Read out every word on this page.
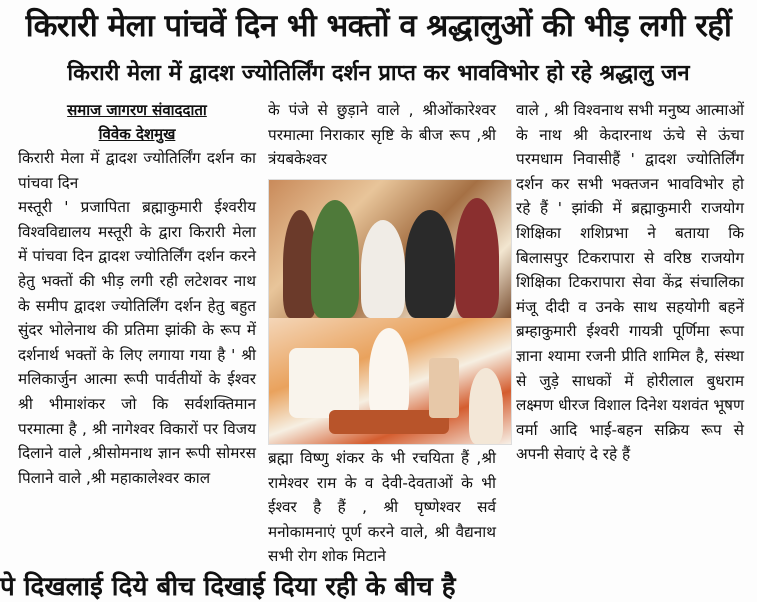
किरारी मेला पांचवें दिन भी भक्तों व श्रद्धालुओं की भीड़ लगी रहीं
किरारी मेला में द्वादश ज्योतिर्लिंग दर्शन प्राप्त कर भावविभोर हो रहे श्रद्धालु जन
समाज जागरण संवाददाता
विवेक देशमुख

किरारी मेला में द्वादश ज्योतिर्लिंग दर्शन का पांचवा दिन

मस्तूरी ' प्रजापिता ब्रह्माकुमारी ईश्वरीय विश्वविद्यालय मस्तूरी के द्वारा किरारी मेला में पांचवा दिन द्वादश ज्योतिर्लिंग दर्शन करने हेतु भक्तों की भीड़ लगी रही लटेशवर नाथ के समीप द्वादश ज्योतिर्लिंग दर्शन हेतु बहुत सुंदर भोलेनाथ की प्रतिमा झांकी के रूप में दर्शनार्थ भक्तों के लिए लगाया गया है ' श्री मलिकार्जुन आत्मा रूपी पार्वतीयों के ईश्वर श्री भीमाशंकर जो कि सर्वशक्तिमान परमात्मा है , श्री नागेश्वर विकारों पर विजय दिलाने वाले ,श्रीसोमनाथ ज्ञान रूपी सोमरस पिलाने वाले ,श्री महाकालेश्वर काल

के पंजे से छुड़ाने वाले , श्रीओंकारेश्वर परमात्मा निराकार सृष्टि के बीज रूप ,श्री त्रंयबकेश्वर

ब्रह्मा विष्णु शंकर के भी रचयिता हैं ,श्री रामेश्वर राम के व देवी-देवताओं के भी ईश्वर है हैं , श्री घृष्णेश्वर सर्व मनोकामनाएं पूर्ण करने वाले, श्री वैद्यनाथ सभी रोग शोक मिटाने

वाले , श्री विश्वनाथ सभी मनुष्य आत्माओं के नाथ श्री केदारनाथ ऊंचे से ऊंचा परमधाम निवासीहैं ' द्वादश ज्योतिर्लिंग दर्शन कर सभी भक्तजन भावविभोर हो रहे हैं ' झांकी में ब्रह्माकुमारी राजयोग शिक्षिका शशिप्रभा ने बताया कि बिलासपुर टिकरापारा से वरिष्ठ राजयोग शिक्षिका टिकरापारा सेवा केंद्र संचालिका मंजू दीदी व उनके साथ सहयोगी बहनें ब्रम्हाकुमारी ईश्वरी गायत्री पूर्णिमा रूपा ज्ञाना श्यामा रजनी प्रीति शामिल है, संस्था से जुड़े साधकों में होरीलाल बुधराम लक्ष्मण धीरज विशाल दिनेश यशवंत भूषण वर्मा आदि भाई-बहन सक्रिय रूप से अपनी सेवाएं दे रहे हैं

पे दिखलाई दिये बीच दिखाई दिया रही के बीच है
